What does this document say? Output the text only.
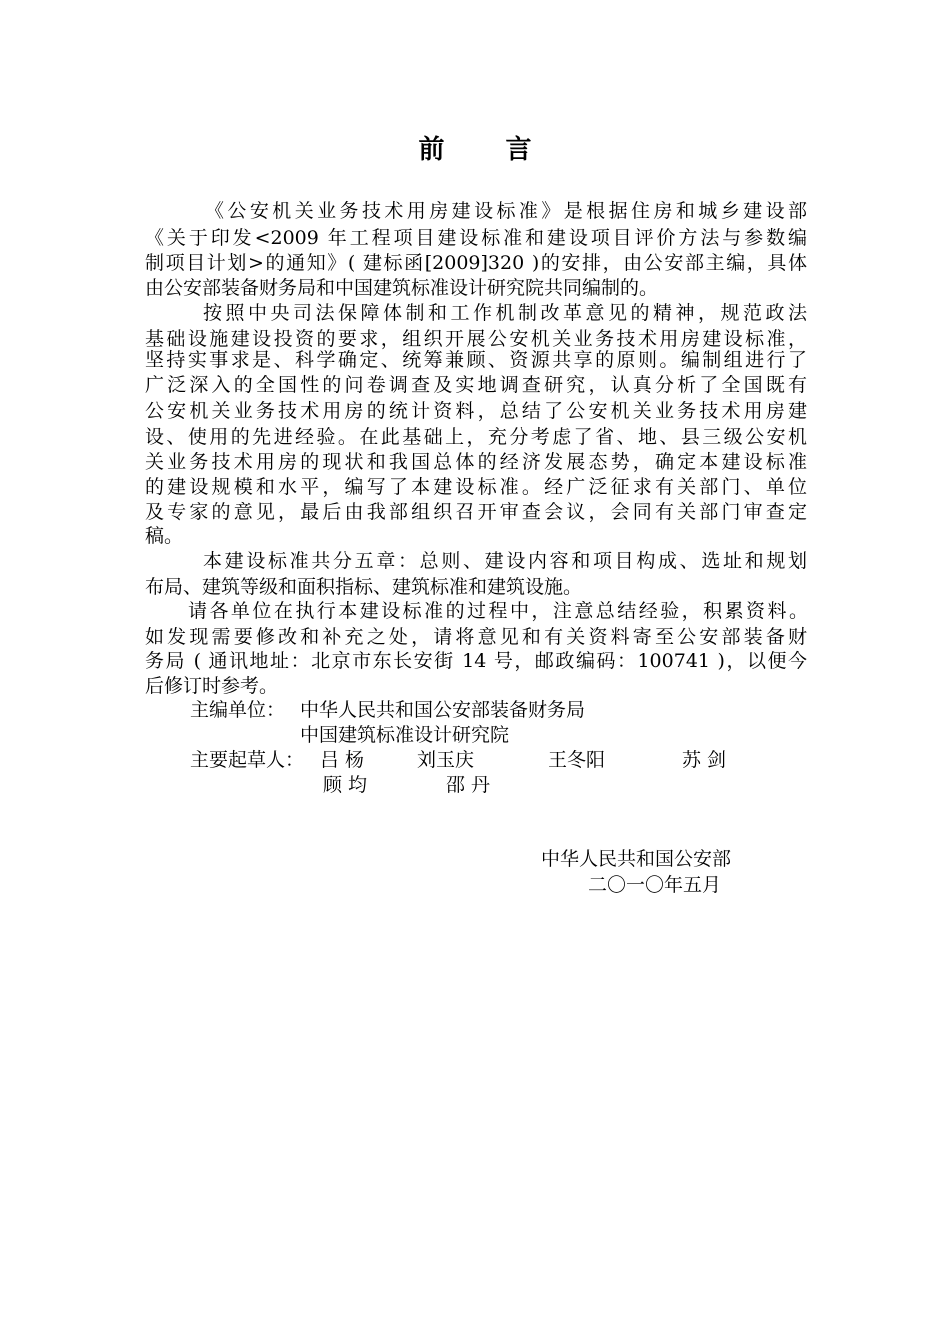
前 言
《公安机关业务技术用房建设标准》是根据住房和城乡建设部
《关于印发<2009 年工程项目建设标准和建设项目评价方法与参数编
制项目计划>的通知》( 建标函[2009]320 )的安排，由公安部主编，具体
由公安部装备财务局和中国建筑标准设计研究院共同编制的。
按照中央司法保障体制和工作机制改革意见的精神，规范政法
基础设施建设投资的要求，组织开展公安机关业务技术用房建设标准，
坚持实事求是、科学确定、统筹兼顾、资源共享的原则。编制组进行了
广泛深入的全国性的问卷调查及实地调查研究，认真分析了全国既有
公安机关业务技术用房的统计资料，总结了公安机关业务技术用房建
设、使用的先进经验。在此基础上，充分考虑了省、地、县三级公安机
关业务技术用房的现状和我国总体的经济发展态势，确定本建设标准
的建设规模和水平，编写了本建设标准。经广泛征求有关部门、单位
及专家的意见，最后由我部组织召开审查会议，会同有关部门审查定
稿。
本建设标准共分五章：总则、建设内容和项目构成、选址和规划
布局、建筑等级和面积指标、建筑标准和建筑设施。
请各单位在执行本建设标准的过程中，注意总结经验，积累资料。
如发现需要修改和补充之处，请将意见和有关资料寄至公安部装备财
务局 ( 通讯地址：北京市东长安街 14 号，邮政编码：100741 )，以便今
后修订时参考。
主编单位： 中华人民共和国公安部装备财务局
中国建筑标准设计研究院
主要起草人： 吕 杨	刘玉庆	王冬阳	苏 剑
顾 均	邵 丹
中华人民共和国公安部
二〇一〇年五月
